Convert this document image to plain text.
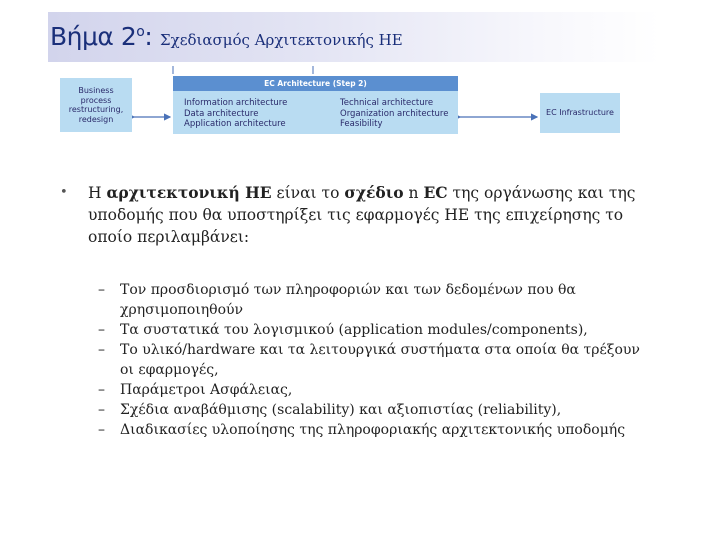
Βήμα $2^o$: Σχεδιασμός Αρχιτεκτονικής ΗΕ
Business process restructuring, redesign
EC Architecture (Step 2)
Information architecture
Data architecture
Application architecture
Technical architecture
Organization architecture
Feasibility
EC Infrastructure
• Η αρχιτεκτονική ΗΕ είναι το σχέδιο n EC της οργάνωσης και της υποδομής που θα υποστηρίξει τις εφαρμογές ΗΕ της επιχείρησης το οποίο περιλαμβάνει:
– Τον προσδιορισμό των πληροφοριών και των δεδομένων που θα χρησιμοποιηθούν
– Τα συστατικά του λογισμικού (application modules/components),
– Το υλικό/hardware και τα λειτουργικά συστήματα στα οποία θα τρέξουν οι εφαρμογές,
– Παράμετροι Ασφάλειας,
– Σχέδια αναβάθμισης (scalability) και αξιοπιστίας (reliability),
– Διαδικασίες υλοποίησης της πληροφοριακής αρχιτεκτονικής υποδομής
